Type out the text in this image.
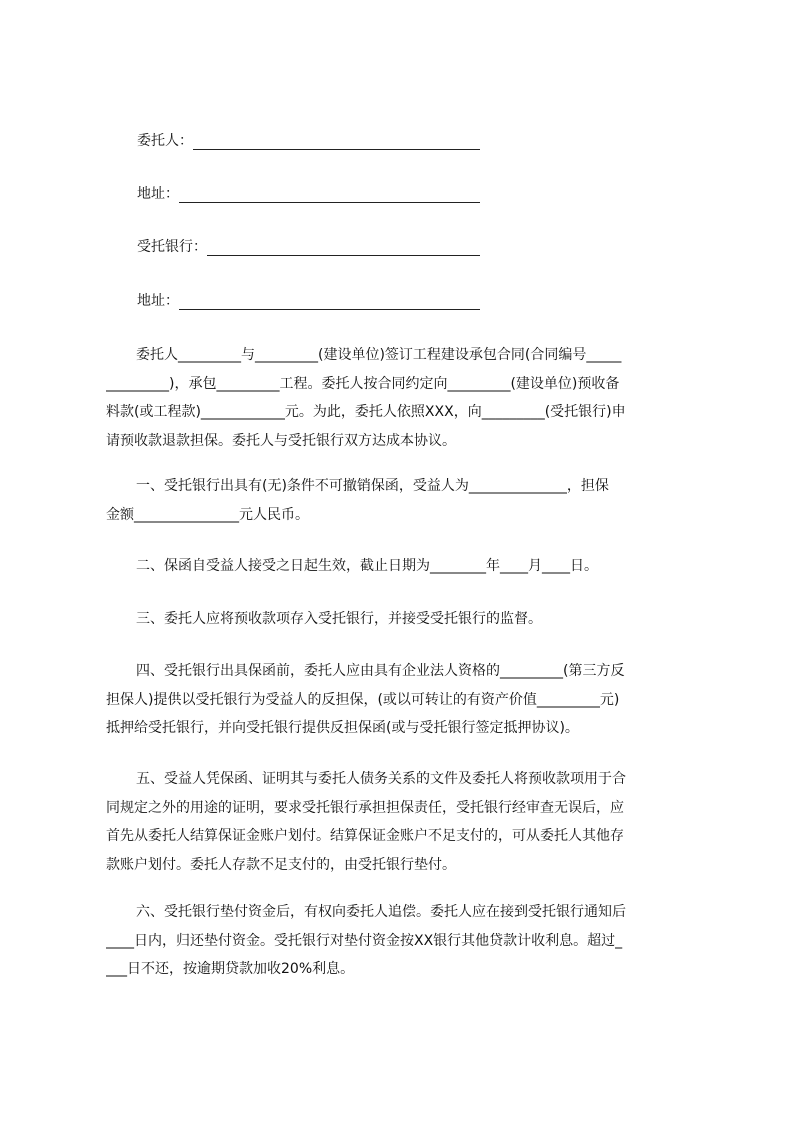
委托人：
地址：
受托银行：
地址：
委托人_________与_________(建设单位)签订工程建设承包合同(合同编号_____
_________)，承包_________工程。委托人按合同约定向_________(建设单位)预收备
料款(或工程款)____________元。为此，委托人依照XXX，向_________(受托银行)申
请预收款退款担保。委托人与受托银行双方达成本协议。
一、受托银行出具有(无)条件不可撤销保函，受益人为______________，担保
金额_______________元人民币。
二、保函自受益人接受之日起生效，截止日期为________年____月____日。
三、委托人应将预收款项存入受托银行，并接受受托银行的监督。
四、受托银行出具保函前，委托人应由具有企业法人资格的_________(第三方反
担保人)提供以受托银行为受益人的反担保，(或以可转让的有资产价值_________元)
抵押给受托银行，并向受托银行提供反担保函(或与受托银行签定抵押协议)。
五、受益人凭保函、证明其与委托人债务关系的文件及委托人将预收款项用于合
同规定之外的用途的证明，要求受托银行承担担保责任，受托银行经审查无误后，应
首先从委托人结算保证金账户划付。结算保证金账户不足支付的，可从委托人其他存
款账户划付。委托人存款不足支付的，由受托银行垫付。
六、受托银行垫付资金后，有权向委托人追偿。委托人应在接到受托银行通知后
____日内，归还垫付资金。受托银行对垫付资金按XX银行其他贷款计收利息。超过_
___日不还，按逾期贷款加收20%利息。
